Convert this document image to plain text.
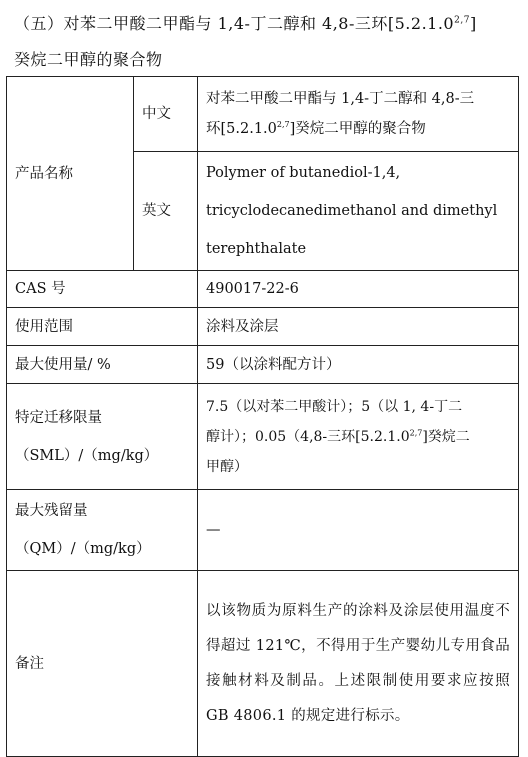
（五）对苯二甲酸二甲酯与 1,4-丁二醇和 4,8-三环[5.2.1.0$^{2,7}$]
癸烷二甲醇的聚合物
产品名称	中文	对苯二甲酸二甲酯与 1,4-丁二醇和 4,8-三
环[5.2.1.0$^{2,7}$]癸烷二甲醇的聚合物
	英文	Polymer of butanediol-1,4,
tricyclodecanedimethanol and dimethyl
terephthalate
CAS 号		490017-22-6
使用范围		涂料及涂层
最大使用量/ %		59（以涂料配方计）
特定迁移限量
（SML）/（mg/kg）		7.5（以对苯二甲酸计）；5（以 1, 4-丁二
醇计）；0.05（4,8-三环[5.2.1.0$^{2,7}$]癸烷二
甲醇）
最大残留量
（QM）/（mg/kg）		—
备注		以该物质为原料生产的涂料及涂层使用温度不得超过 121℃，不得用于生产婴幼儿专用食品接触材料及制品。上述限制使用要求应按照 GB 4806.1 的规定进行标示。
